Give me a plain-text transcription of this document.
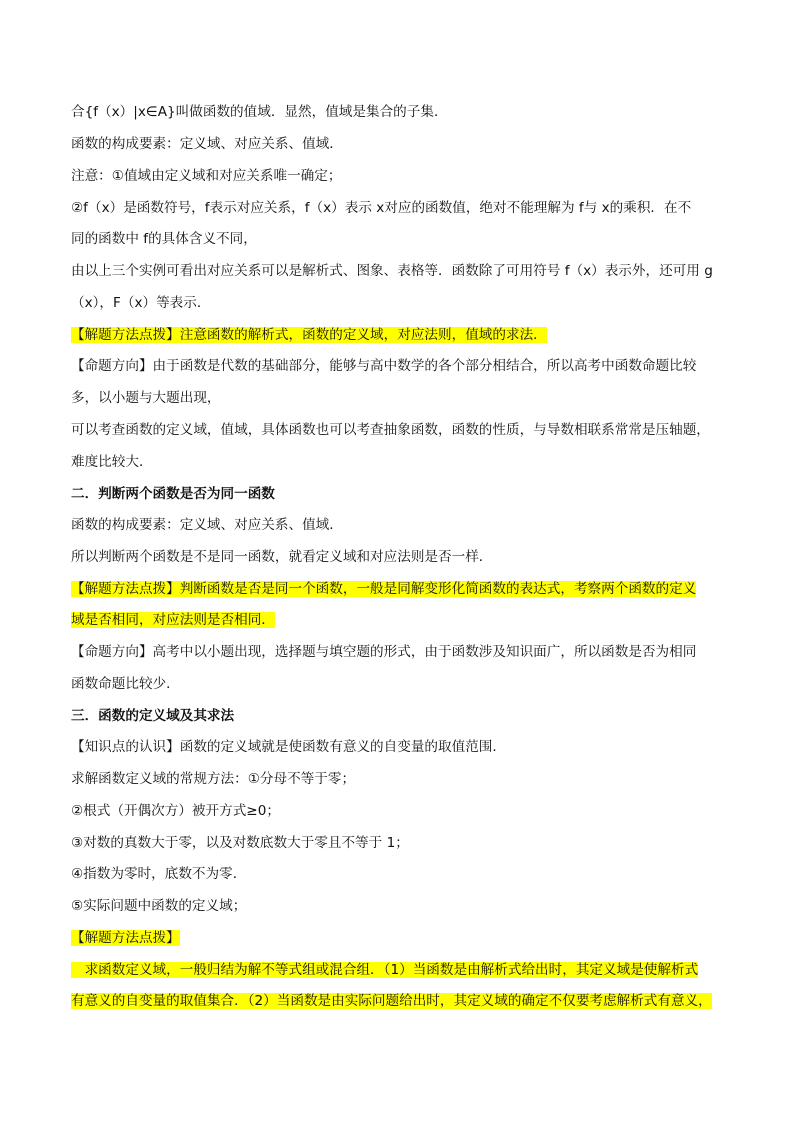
合{f（x）|x∈A}叫做函数的值域．显然，值域是集合的子集．
函数的构成要素：定义域、对应关系、值域．
注意：①值域由定义域和对应关系唯一确定；
②f（x）是函数符号，f表示对应关系，f（x）表示 x对应的函数值，绝对不能理解为 f与 x的乘积．在不
同的函数中 f的具体含义不同，
由以上三个实例可看出对应关系可以是解析式、图象、表格等．函数除了可用符号 f（x）表示外，还可用 g
（x），F（x）等表示．
【解题方法点拨】注意函数的解析式，函数的定义域，对应法则，值域的求法．
【命题方向】由于函数是代数的基础部分，能够与高中数学的各个部分相结合，所以高考中函数命题比较
多，以小题与大题出现，
可以考查函数的定义域，值域，具体函数也可以考查抽象函数，函数的性质，与导数相联系常常是压轴题，
难度比较大．
二．判断两个函数是否为同一函数
函数的构成要素：定义域、对应关系、值域．
所以判断两个函数是不是同一函数，就看定义域和对应法则是否一样．
【解题方法点拨】判断函数是否是同一个函数，一般是同解变形化简函数的表达式，考察两个函数的定义
域是否相同，对应法则是否相同．
【命题方向】高考中以小题出现，选择题与填空题的形式，由于函数涉及知识面广，所以函数是否为相同
函数命题比较少．
三．函数的定义域及其求法
【知识点的认识】函数的定义域就是使函数有意义的自变量的取值范围．
求解函数定义域的常规方法：①分母不等于零；
②根式（开偶次方）被开方式≥0；
③对数的真数大于零，以及对数底数大于零且不等于 1；
④指数为零时，底数不为零．
⑤实际问题中函数的定义域；
【解题方法点拨】
　求函数定义域，一般归结为解不等式组或混合组．（1）当函数是由解析式给出时，其定义域是使解析式
有意义的自变量的取值集合．（2）当函数是由实际问题给出时，其定义域的确定不仅要考虑解析式有意义，
